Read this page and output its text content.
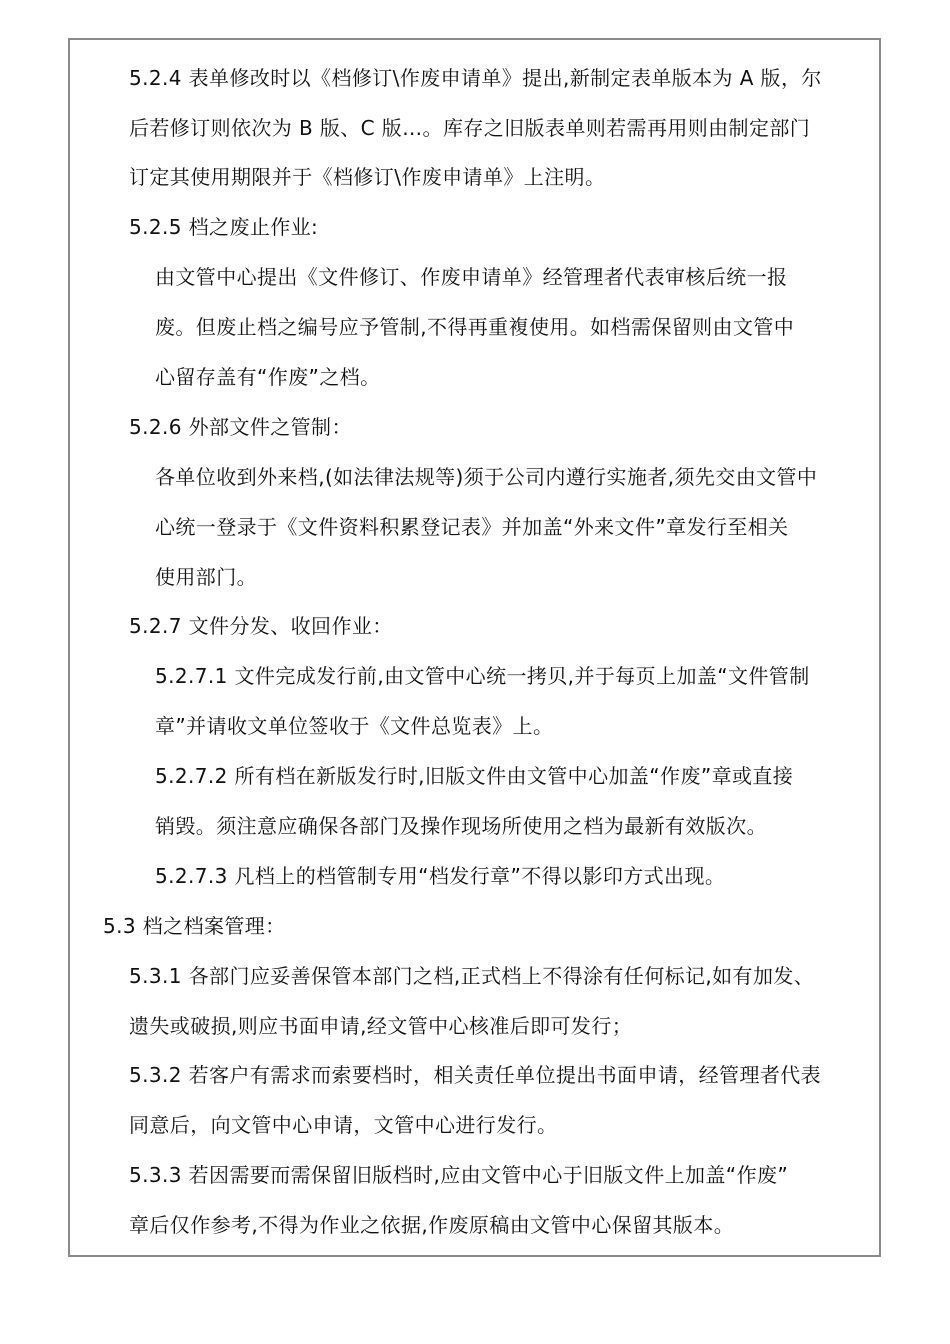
5.2.4 表单修改时以《档修订\作废申请单》提出,新制定表单版本为 A 版，尔
后若修订则依次为 B 版、C 版…。库存之旧版表单则若需再用则由制定部门
订定其使用期限并于《档修订\作废申请单》上注明。
5.2.5 档之废止作业:
由文管中心提出《文件修订、作废申请单》经管理者代表审核后统一报
废。但废止档之编号应予管制,不得再重複使用。如档需保留则由文管中
心留存盖有“作废”之档。
5.2.6 外部文件之管制：
各单位收到外来档,(如法律法规等)须于公司内遵行实施者,须先交由文管中
心统一登录于《文件资料积累登记表》并加盖“外来文件”章发行至相关
使用部门。
5.2.7 文件分发、收回作业：
5.2.7.1 文件完成发行前,由文管中心统一拷贝,并于每页上加盖“文件管制
章”并请收文单位签收于《文件总览表》上。
5.2.7.2 所有档在新版发行时,旧版文件由文管中心加盖“作废”章或直接
销毁。须注意应确保各部门及操作现场所使用之档为最新有效版次。
5.2.7.3 凡档上的档管制专用“档发行章”不得以影印方式出现。
5.3 档之档案管理：
5.3.1 各部门应妥善保管本部门之档,正式档上不得涂有任何标记,如有加发、
遗失或破损,则应书面申请,经文管中心核准后即可发行；
5.3.2 若客户有需求而索要档时，相关责任单位提出书面申请，经管理者代表
同意后，向文管中心申请，文管中心进行发行。
5.3.3 若因需要而需保留旧版档时,应由文管中心于旧版文件上加盖“作废”
章后仅作参考,不得为作业之依据,作废原稿由文管中心保留其版本。
